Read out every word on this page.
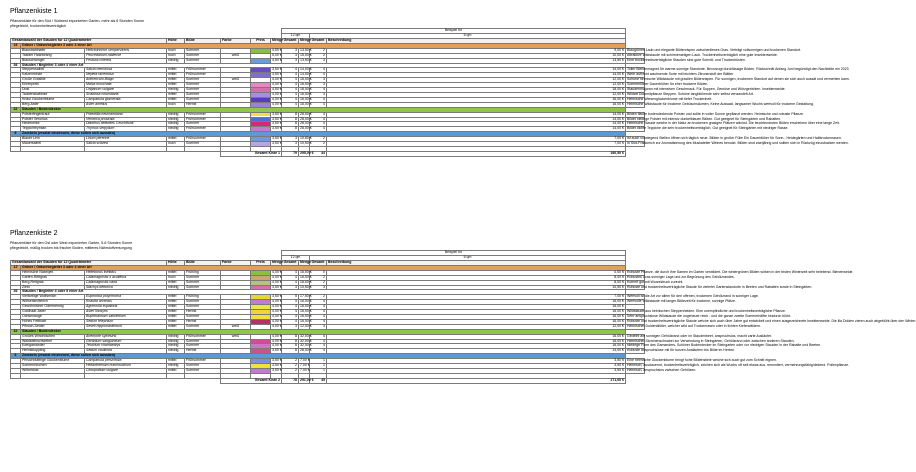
Pflanzenkiste 1
Pflanzenkiste für den Süd / Südwest exponierten Garten, mehr als 6 Stunden Sonne
pflegeleicht, trockenheitsverträglich
								Beispiel für				
								12 qm		6 qm		
Gesamtanzahl der Stauden für 12 Quadratmeter			Höhe	Blüte	Farbe	Preis	Menge	Gesamt	Menge	Gesamt	Beschreibung	
16	Gräser / Gräserbegleiter 3 oder 4 einer Art											
	Blaustrahlhafer	Helictotrichon sempervirens	hoch	Sommer			4,50 €	3	13,50 €	2	9,00 €	Blaugrünes Laub und elegante Blütenrispen zwischenlieses Gras. Verträgt vollsonnigen und trockenen Standort.
	Tasbier Haarstrang	Peucedanum rablense	hoch	Sommer	weiß		5,00 €	3	15,00 €	2	10,00 €	Attraktive Wildstaude mit schirmenartigen Laub. Trockenheitsverträglich eine gute Insektenweide.
	Blauschwingel	Festuca cinerea	niedrig	Sommer			4,50 €	3	13,50 €	3	13,50 €	Eine trockenheitsverträgliche Stauden sind gute Schnitt- und Trockenbüsten.
36	Stauden / Begleiter 3 oder 4 einer Art											
	Steppensalbei	Salvia nemorosa	mittel	Frühsommer			3,50 €	4	14,00 €	4	14,00 €	Toller Bienenmagnet für warme sonnige Standorte. Bevorzugt durchlässige Böden. Rückschnitt Anfang Juni begünstigt den Nachblüte ein 2023
	Katzenminze	Nepeta racemosa	mittel	Frühsommer			3,50 €	4	14,00 €	4	14,00 €	Wehr aufrecht wachsende Sorte mit leichtem Zitronenduft der Blätter
	Große Graslilie	Anthericum liliago	mittel	Sommer	weiß		4,00 €	4	16,00 €	3	12,00 €	Schöne heimische Wildstaude mit gracilen Blütenrispen. Für sonnigen, trockenen Standort auf denen sie sich auch aussät und vermehlen kann.
	Ehrenpreis	Malva moschata	mittel	Sommer			4,00 €	4	16,00 €	3	12,00 €	Sommerlicher Dauerblüher für eher trockene Böden.
	Dost	Origanum vulgare	niedrig	Sommer			4,50 €	4	18,00 €	4	18,00 €	Staudenmajoran mit intensiven Geschmack. Für Suppen, Gemüse und Würzgerichten. Insektenweide.
	Taubenskabiose	Scabiosa columbaria	mittel	Sommer			4,00 €	4	16,00 €	3	12,00 €	Wildart Dolomitpflanze Steppen. Schöne langblühende sehr selbst verwandelt Art.
	Knäul Glockenblume	Campanula glomerata	mittel	Sommer			4,00 €	4	16,00 €	4	16,00 €	Heimische Wiesenglockenblume mit tiefer Trockenheit.
	Berg-Aster	Aster amellus	hoch	Herbst			4,00 €	4	16,00 €	4	16,00 €	Heimische Wildstaude für trockene Gebüschsäumen. Keine Aussaat, langsamer Wuchs wertvoll für trockene Gestaltung.
32	Stauden / Bodendecker											
	Polsterfingerkraut	Potentilla neumanniana	niedrig	Frühsommer			3,50 €	8	28,00 €	4	14,00 €	Bilden flache bodendeckende Polster und sollte in voller Sonne gepflanzt werden. Heimische und robuste Pflanze.
	Polster Veronica	Veronica prostrata	niedrig	Frühsommer			3,50 €	8	28,00 €	4	14,00 €	Bildet niedrige Polster mit intensiv dunkelblauen Blüten. Gut geeignet für Steingärten und Rabatten.
	Heidenelke	Dianthus deltoides 'Leuchtfunk'	niedrig	Sommer			3,50 €	8	28,00 €	4	14,00 €	Heimische Staude welche in der Natur an trockenen grasigen Plätzen wächst. Die leuchtendroten Blüten erscheinen über eine lange Zeit.
	Teppichthymian	Thymus serpyllum	niedrig	Frühsommer			3,50 €	8	28,00 €	4	14,00 €	Bildet dichte Teppiche die sehr trockenheitsverträglich. Gut geeignet für Steingärten mit niedriger Rasse.
6	Zwiebeln (ersatzt einstreuen, diese sollen sich aussäen)											
	Blauer Lein	Linum perenne	mittel	Frühsommer			3,50 €	3	10,50 €	2	7,00 €	Ist auch vorwiegend Stellen öffnen sich täglich neue. Blüten in großer Fülle Ein Dauerblüher für Sonn.- Heidegärten und Halbtrockenrasen.
	Mauersalbei	Salvia sclarea	hoch	Sommer			3,50 €	3	10,50 €	2	7,00 €	In Süd-Frankreich zur Aromatisierung des Muskateller Weines benutzt. Blüten sind zweijährig und sollten sich in Rückzüg einzubacken werden.

					Gesamt Kiste 1			79	295,00 €	44	160,50 €	
Pflanzenkiste 2
Pflanzenkiste für den Ost oder West exponierten Garten, 5-6 Stunden Sonne
pflegeleicht, mäßig trocken bis frischer Boden, mittleres Nährstoffversorgung
								Beispiel für				
								12 qm		6 qm		
Gesamtanzahl der Stauden für 12 Quadratmeter			Höhe	Blüte	Farbe	Preis	Menge	Gesamt	Menge	Gesamt	Beschreibung	
12	Gräser / Gräserbegleiter 3 oder 4 einer Art											
	Heimische Naxeqelt	Helleborus foetidus	mittel	Frühling			4,00 €	4	16,00 €	0	0,00 €	Robuste Pflanze, die durch ihre Samen im Garten verwildert. Die wintergrünen Blüten wirken in der tristen Winterzeit sehr belebend. Bienenweide.
	Garten-Reitgras	Calamagrostis x acutiflora	hoch	Sommer			4,00 €	4	16,00 €	2	8,00 €	Robustes Gras sonniger Lage und zur Begrünung des Gehölzrandes.
	Berg-Reitgras	Calamagrostis varia	mittel	Sommer			4,00 €	4	16,00 €	2	8,00 €	Kommt gut mit Wurzeldruck zurecht.
	Ziest	Stachys betonica	niedrig	Sommer			3,50 €	3	10,50 €	3	10,50 €	Robuste und trockenheitsverträgliche Staude für vielerlei Gartenstandorte in Beeten und Rabatten sowie in Steingärten.
36	Stauden / Begleiter 4 oder 5 einer Art											
	Vielfarbige Wolfsmilch	Euphorbia polychroma	mittel	Frühling			3,50 €	5	17,50 €	2	7,00 €	Wertvoll ist die Art vor allem für den offenen, trockenen Gehölzrand in sonniger Lage.
	Wiesenknöterich	Knautia arvensis	mittel	Sommer			4,00 €	4	16,00 €	4	16,00 €	Wertvolle Wildstaude mit langer Blütezeit für trockene, sonnige Plätze.
	Gewöhnlicher Odermennig	Agrimonia eupatoria	mittel	Sommer			4,00 €	4	16,00 €	4	16,00 €	
	Goldhaar-Aster	Aster linosyris	mittel	Herbst			4,00 €	4	16,00 €	4	16,00 €	Wildstaude aus heimischen Steppenheiden. Eine unempfindliche und trockenheitsverträgliche Pflanze.
	Ochsenauge	Buphthalmum salicifolium	mittel	Sommer			4,00 €	4	16,00 €	4	16,00 €	Sehr anspruchslose Wildstaude die ungeheuer reich - und die ganze zweite Sommerhälfte hindurch blüht.
	Hohes Fettblatt	Sedum telephium	mittel	Herbst			4,00 €	4	16,00 €	4	16,00 €	Robuste und trockenheitsverträgliche Staude welche sich auch über Jahre gut entwickelt und einen ausgezeichnete Insektenweide. Die lila Dolden zieren auch abgeblüht über den Winter.
	Pfirsich-Seidel	Seseli hippomarathrum	mittel	Sommer	weiß		4,00 €	3	12,00 €	3	12,00 €	Heimischer Doldenblütler, welcher wild auf Trockenrasen oder in lichten Kieferwäldern.
32	Stauden / Bodendecker											
	Großes Windröschen	Anemone sylvestris	niedrig	Frühsommer	weiß		4,00 €	8	32,00 €	4	16,00 €	Gedeiht am sonnigen Gehölzrand oder im Staudenbeet, anspruchslos, macht zarte Ausläufer.
	Waldsteinschwebel	Geranium sanguineum	niedrig	Sommer			4,00 €	8	32,00 €	4	16,00 €	Heimischer Storchenschnabel zur Verwendung in Steingärten, Gehölzrand oder zwischen anderen Stauden.
	Edelgamander	Teucrium chamaedrys	niedrig	Sommer			4,00 €	8	32,00 €	4	16,00 €	Niedrige Form des Gamanders. Schöner Bodendecker im Steingarten oder vor niedrigen Stauden in der Rabatte und Beeten.
	Herbstkuppling	Sedum cauticola	niedrig	Herbst			3,50 €	8	28,00 €	4	14,00 €	Robuste anspruchslose mit für kurzen Ausläufern bis Blüte im Herbst.
6	Zwiebeln (ersatzt einstreuen, diese sollen sich aussäen)											
	Pfirsichblättrige Glockenblume	Campanula persicifolia	mittel	Frühsommer			3,50 €	2	7,00 €	1	3,50 €	Eine heimische Glockenblume bringt hohe Blütenstiele welche sich auch gut zum Schnitt eignen.
	Sonnenröschen	Helianthemum nummularium	niedrig	Sommer			3,50 €	2	7,00 €	1	3,50 €	Heimisch, ausdauernd, trockenheitsverträglich, zeichen sich als Wuchs oft seit etwas aus, remontiert, vermehrungsfähig/dekend. Pollenpflanze.
	Wirbeldost	Clinopodium vulgare	mittel	Sommer			3,50 €	2	7,00 €	1	3,50 €	Heimisch, anspruchslos zwischen Gehölzen.

					Gesamt Kiste 2			78	291,00 €	45	171,00 €	
